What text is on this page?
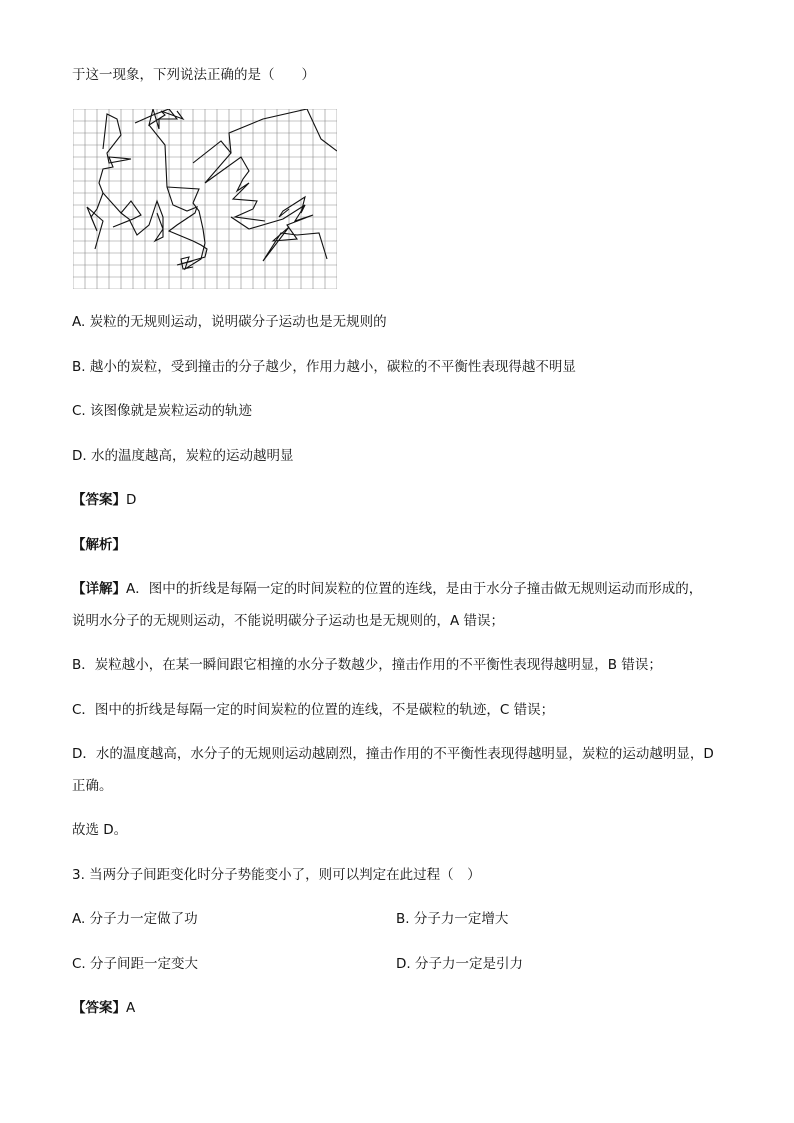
于这一现象，下列说法正确的是（　　）
A. 炭粒的无规则运动，说明碳分子运动也是无规则的
B. 越小的炭粒，受到撞击的分子越少，作用力越小，碳粒的不平衡性表现得越不明显
C. 该图像就是炭粒运动的轨迹
D. 水的温度越高，炭粒的运动越明显
【答案】D
【解析】
【详解】A．图中的折线是每隔一定的时间炭粒的位置的连线，是由于水分子撞击做无规则运动而形成的，
说明水分子的无规则运动，不能说明碳分子运动也是无规则的，A 错误；
B．炭粒越小，在某一瞬间跟它相撞的水分子数越少，撞击作用的不平衡性表现得越明显，B 错误；
C．图中的折线是每隔一定的时间炭粒的位置的连线，不是碳粒的轨迹，C 错误；
D．水的温度越高，水分子的无规则运动越剧烈，撞击作用的不平衡性表现得越明显，炭粒的运动越明显，D
正确。
故选 D。
3. 当两分子间距变化时分子势能变小了，则可以判定在此过程（　）
A. 分子力一定做了功	B. 分子力一定增大
C. 分子间距一定变大	D. 分子力一定是引力
【答案】A
